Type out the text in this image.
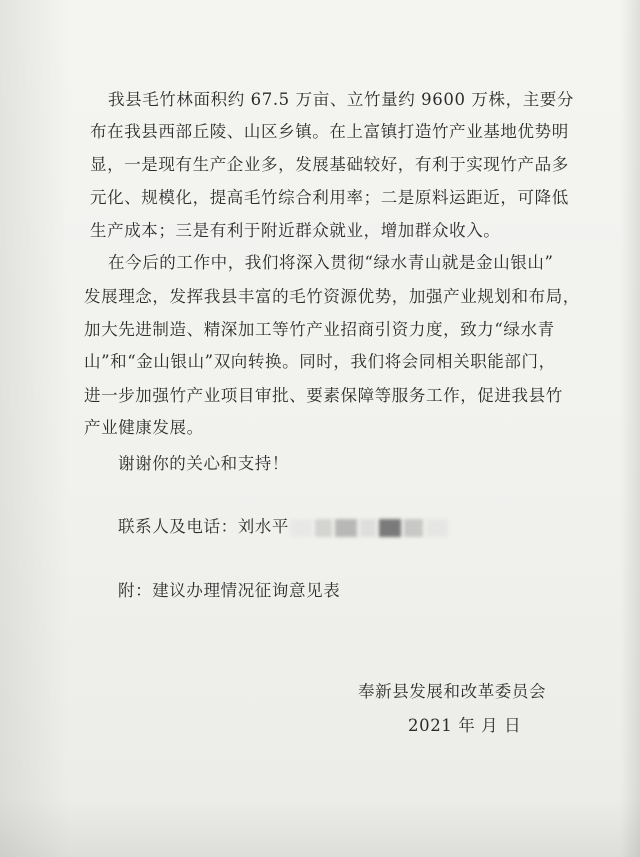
我县毛竹林面积约 67.5 万亩、立竹量约 9600 万株，主要分

布在我县西部丘陵、山区乡镇。在上富镇打造竹产业基地优势明

显，一是现有生产企业多，发展基础较好，有利于实现竹产品多

元化、规模化，提高毛竹综合利用率；二是原料运距近，可降低

生产成本；三是有利于附近群众就业，增加群众收入。

在今后的工作中，我们将深入贯彻“绿水青山就是金山银山”

发展理念，发挥我县丰富的毛竹资源优势，加强产业规划和布局，

加大先进制造、精深加工等竹产业招商引资力度，致力“绿水青

山”和“金山银山”双向转换。同时，我们将会同相关职能部门，

进一步加强竹产业项目审批、要素保障等服务工作，促进我县竹

产业健康发展。

谢谢你的关心和支持！

联系人及电话：刘水平

附：建议办理情况征询意见表

奉新县发展和改革委员会

2021 年 月 日
